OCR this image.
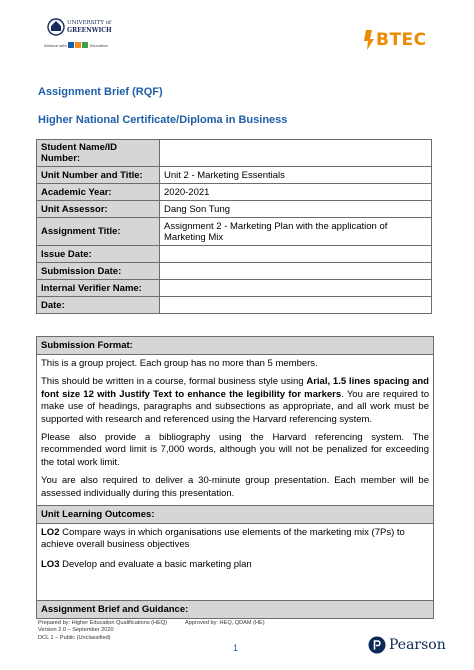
UNIVERSITY of
GREENWICH
Alliance with	Education	BTEC
Assignment Brief (RQF)
Higher National Certificate/Diploma in Business
Student Name/ID Number:	
Unit Number and Title:	Unit 2 - Marketing Essentials
Academic Year:	2020-2021
Unit Assessor:	Dang Son Tung
Assignment Title:	Assignment 2 - Marketing Plan with the application of Marketing Mix
Issue Date:	
Submission Date:	
Internal Verifier Name:	
Date:	
Submission Format:

This is a group project. Each group has no more than 5 members.

This should be written in a course, formal business style using Arial, 1.5 lines spacing and font size 12 with Justify Text to enhance the legibility for markers. You are required to make use of headings, paragraphs and subsections as appropriate, and all work must be supported with research and referenced using the Harvard referencing system.

Please also provide a bibliography using the Harvard referencing system. The recommended word limit is 7,000 words, although you will not be penalized for exceeding the total work limit.

You are also required to deliver a 30-minute group presentation. Each member will be assessed individually during this presentation.

Unit Learning Outcomes:

LO2 Compare ways in which organisations use elements of the marketing mix (7Ps) to achieve overall business objectives

LO3 Develop and evaluate a basic marketing plan

Assignment Brief and Guidance:
Prepared by: Higher Education Qualifications (HEQ)	Approved by: HEQ, QDAM (HE)
Version 2.0 – September 2020
DCL 1 – Public (Unclassified)
1	Pearson
